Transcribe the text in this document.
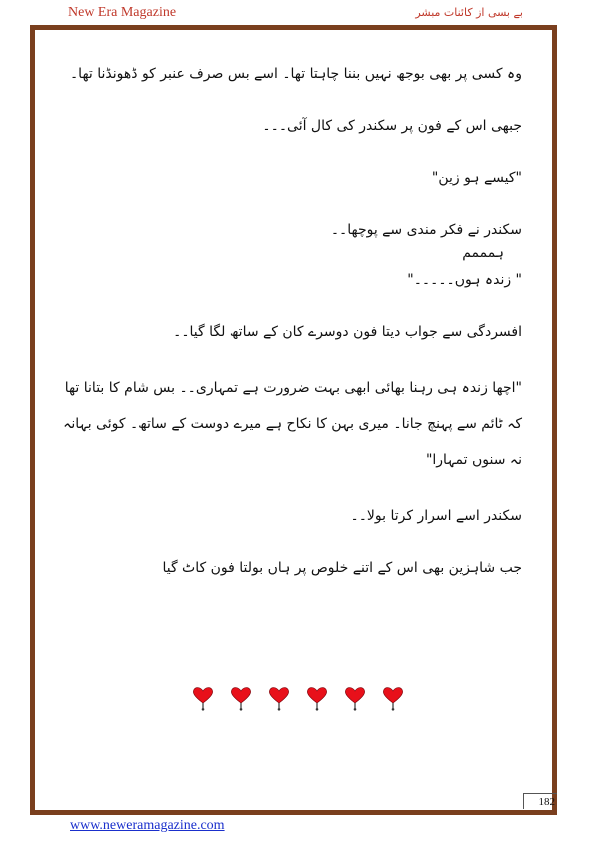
New Era Magazine	بے بسی از کائنات مبشر

وہ کسی پر بھی بوجھ نہیں بننا چاہتا تھا۔ اسے بس صرف عنبر کو ڈھونڈنا تھا۔

جبھی اس کے فون پر سکندر کی کال آئی۔۔۔

"کیسے ہو زین"

سکندر نے فکر مندی سے پوچھا۔۔

ہمممم

" زندہ ہوں۔۔۔۔۔"

افسردگی سے جواب دیتا فون دوسرے کان کے ساتھ لگا گیا۔۔

"اچھا زندہ ہی رہنا بھائی ابھی بہت ضرورت ہے تمہاری۔۔ بس شام کا بتانا تھا کہ ٹائم سے پہنچ جانا۔ میری بہن کا نکاح ہے میرے دوست کے ساتھ۔ کوئی بہانہ نہ سنوں تمہارا"

سکندر اسے اسرار کرتا بولا۔۔

جب شاہزین بھی اس کے اتنے خلوص پر ہاں بولتا فون کاٹ گیا

182
www.neweramagazine.com
